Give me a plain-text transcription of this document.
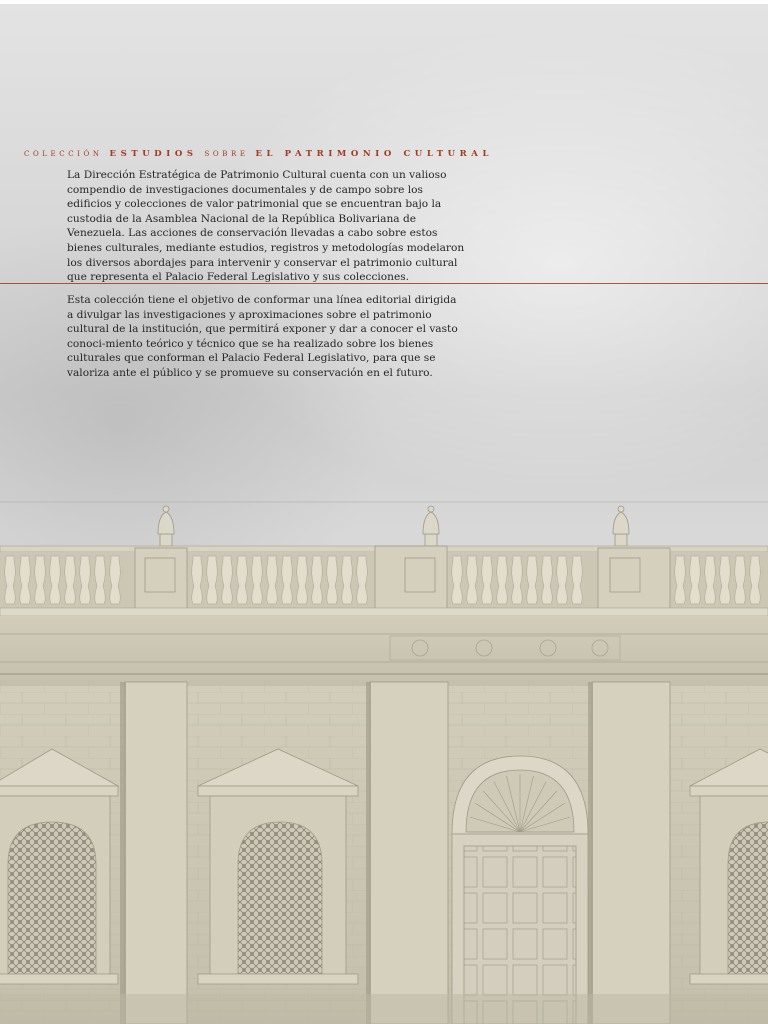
COLECCIÓN ESTUDIOS SOBRE EL PATRIMONIO CULTURAL

La Dirección Estratégica de Patrimonio Cultural cuenta con un valioso compendio de investigaciones documentales y de campo sobre los edificios y colecciones de valor patrimonial que se encuentran bajo la custodia de la Asamblea Nacional de la República Bolivariana de Venezuela. Las acciones de conservación llevadas a cabo sobre estos bienes culturales, mediante estudios, registros y metodologías modelaron los diversos abordajes para intervenir y conservar el patrimonio cultural que representa el Palacio Federal Legislativo y sus colecciones.

Esta colección tiene el objetivo de conformar una línea editorial dirigida a divulgar las investigaciones y aproximaciones sobre el patrimonio cultural de la institución, que permitirá exponer y dar a conocer el vasto conoci-miento teórico y técnico que se ha realizado sobre los bienes culturales que conforman el Palacio Federal Legislativo, para que se valoriza ante el público y se promueve su conservación en el futuro.
